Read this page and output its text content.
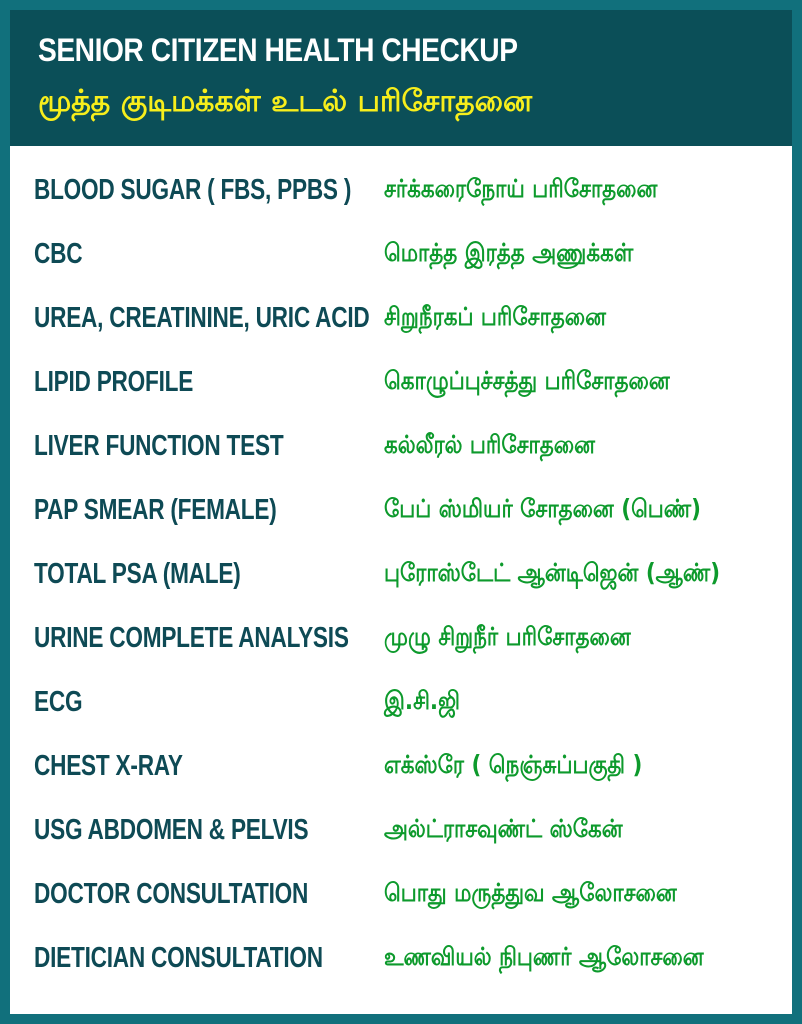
SENIOR CITIZEN HEALTH CHECKUP
மூத்த குடிமக்கள் உடல் பரிசோதனை
BLOOD SUGAR ( FBS, PPBS ) சர்க்கரைநோய் பரிசோதனை
CBC	மொத்த இரத்த அணுக்கள்
UREA, CREATININE, URIC ACID சிறுநீரகப் பரிசோதனை
LIPID PROFILE	கொழுப்புச்சத்து பரிசோதனை
LIVER FUNCTION TEST	கல்லீரல் பரிசோதனை
PAP SMEAR (FEMALE)	பேப் ஸ்மியர் சோதனை (பெண்)
TOTAL PSA (MALE)	புரோஸ்டேட் ஆன்டிஜென் (ஆண்)
URINE COMPLETE ANALYSIS முழு சிறுநீர் பரிசோதனை
ECG	இ.சி.ஜி
CHEST X-RAY	எக்ஸ்ரே ( நெஞ்சுப்பகுதி )
USG ABDOMEN & PELVIS	அல்ட்ராசவுண்ட் ஸ்கேன்
DOCTOR CONSULTATION	பொது மருத்துவ ஆலோசனை
DIETICIAN CONSULTATION உணவியல் நிபுணர் ஆலோசனை
